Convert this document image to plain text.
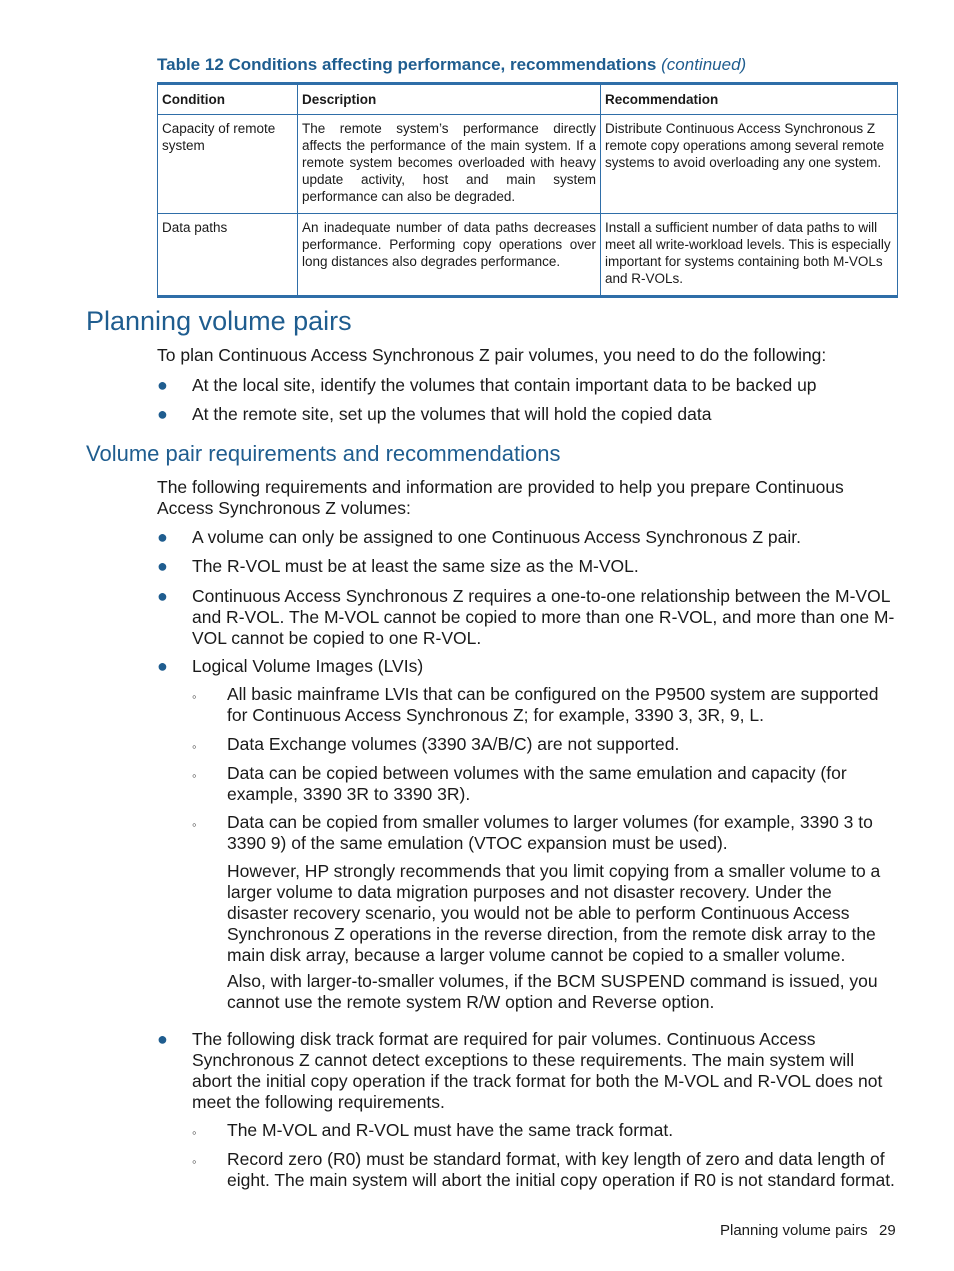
Table 12 Conditions affecting performance, recommendations (continued)
Condition	Description	Recommendation
Capacity of remote system	The remote system’s performance directly affects the performance of the main system. If a remote system becomes overloaded with heavy update activity, host and main system performance can also be degraded.	Distribute Continuous Access Synchronous Z remote copy operations among several remote systems to avoid overloading any one system.
Data paths	An inadequate number of data paths decreases performance. Performing copy operations over long distances also degrades performance.	Install a sufficient number of data paths to will meet all write-workload levels. This is especially important for systems containing both M-VOLs and R-VOLs.
Planning volume pairs

To plan Continuous Access Synchronous Z pair volumes, you need to do the following:

● At the local site, identify the volumes that contain important data to be backed up

● At the remote site, set up the volumes that will hold the copied data

Volume pair requirements and recommendations

The following requirements and information are provided to help you prepare Continuous Access Synchronous Z volumes:

● A volume can only be assigned to one Continuous Access Synchronous Z pair.

● The R-VOL must be at least the same size as the M-VOL.

● Continuous Access Synchronous Z requires a one-to-one relationship between the M-VOL and R-VOL. The M-VOL cannot be copied to more than one R-VOL, and more than one M-VOL cannot be copied to one R-VOL.

● Logical Volume Images (LVIs)

◦ All basic mainframe LVIs that can be configured on the P9500 system are supported for Continuous Access Synchronous Z; for example, 3390 3, 3R, 9, L.

◦ Data Exchange volumes (3390 3A/B/C) are not supported.

◦ Data can be copied between volumes with the same emulation and capacity (for example, 3390 3R to 3390 3R).

◦ Data can be copied from smaller volumes to larger volumes (for example, 3390 3 to 3390 9) of the same emulation (VTOC expansion must be used).

However, HP strongly recommends that you limit copying from a smaller volume to a larger volume to data migration purposes and not disaster recovery. Under the disaster recovery scenario, you would not be able to perform Continuous Access Synchronous Z operations in the reverse direction, from the remote disk array to the main disk array, because a larger volume cannot be copied to a smaller volume.

Also, with larger-to-smaller volumes, if the BCM SUSPEND command is issued, you cannot use the remote system R/W option and Reverse option.

● The following disk track format are required for pair volumes. Continuous Access Synchronous Z cannot detect exceptions to these requirements. The main system will abort the initial copy operation if the track format for both the M-VOL and R-VOL does not meet the following requirements.

◦ The M-VOL and R-VOL must have the same track format.

◦ Record zero (R0) must be standard format, with key length of zero and data length of eight. The main system will abort the initial copy operation if R0 is not standard format.

Planning volume pairs 29
